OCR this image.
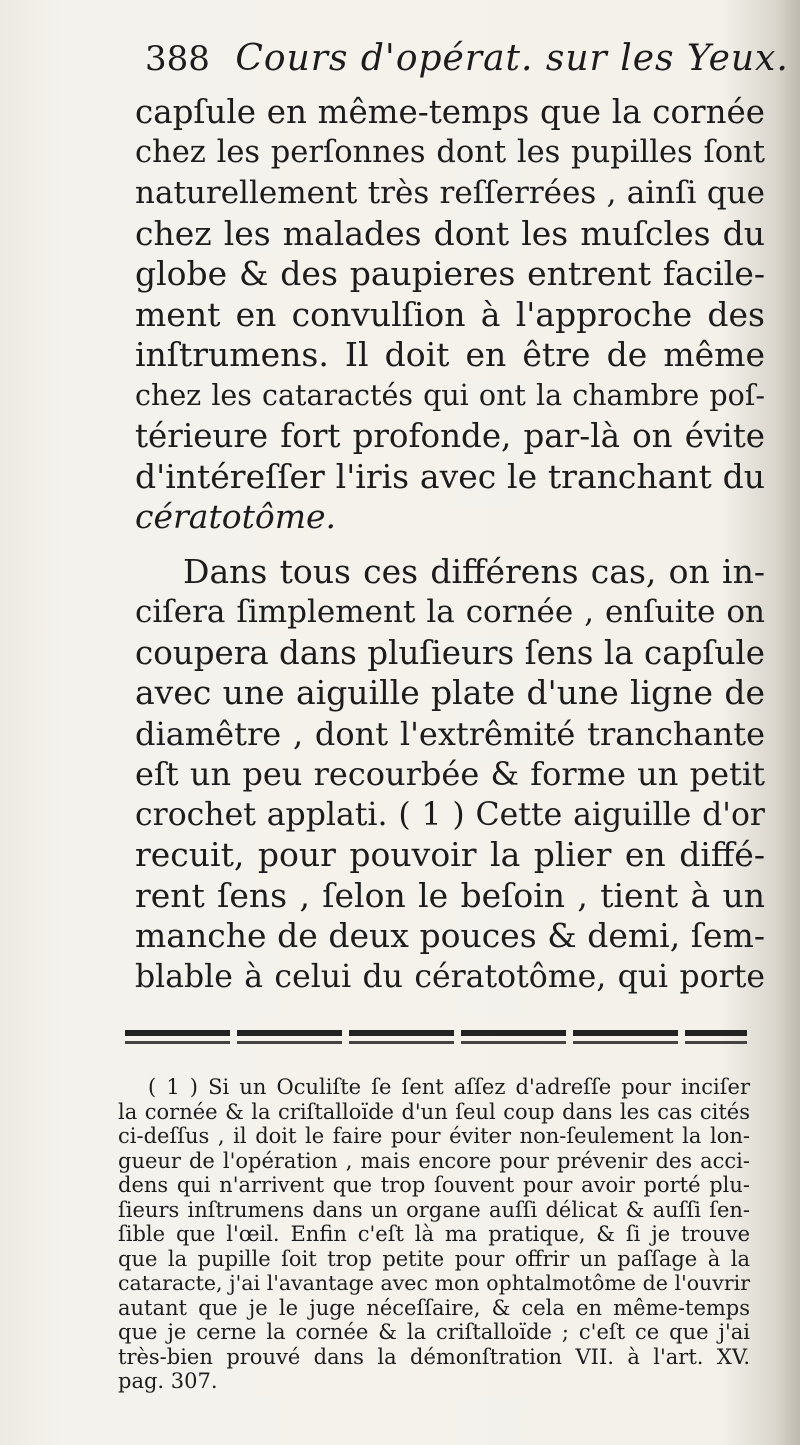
388 Cours d'opérat. sur les Yeux.
capſule en même-temps que la cornée
chez les perſonnes dont les pupilles ſont
naturellement très reſſerrées , ainſi que
chez les malades dont les muſcles du
globe & des paupieres entrent facile-
ment en convulſion à l'approche des
inſtrumens. Il doit en être de même
chez les cataractés qui ont la chambre poſ-
térieure fort profonde, par-là on évite
d'intéreſſer l'iris avec le tranchant du
cératotôme.
Dans tous ces différens cas, on in-
ciſera ſimplement la cornée , enſuite on
coupera dans pluſieurs ſens la capſule
avec une aiguille plate d'une ligne de
diamêtre , dont l'extrêmité tranchante
eſt un peu recourbée & forme un petit
crochet applati. ( 1 ) Cette aiguille d'or
recuit, pour pouvoir la plier en diffé-
rent ſens , ſelon le beſoin , tient à un
manche de deux pouces & demi, ſem-
blable à celui du cératotôme, qui porte
( 1 ) Si un Oculiſte ſe ſent aſſez d'adreſſe pour inciſer
la cornée & la criſtalloïde d'un ſeul coup dans les cas cités
ci-deſſus , il doit le faire pour éviter non-ſeulement la lon-
gueur de l'opération , mais encore pour prévenir des acci-
dens qui n'arrivent que trop ſouvent pour avoir porté plu-
ſieurs inſtrumens dans un organe auſſi délicat & auſſi ſen-
ſible que l'œil. Enfin c'eſt là ma pratique, & ſi je trouve
que la pupille ſoit trop petite pour offrir un paſſage à la
cataracte, j'ai l'avantage avec mon ophtalmotôme de l'ouvrir
autant que je le juge néceſſaire, & cela en même-temps
que je cerne la cornée & la criſtalloïde ; c'eſt ce que j'ai
très-bien prouvé dans la démonſtration VII. à l'art. XV.
pag. 307.
